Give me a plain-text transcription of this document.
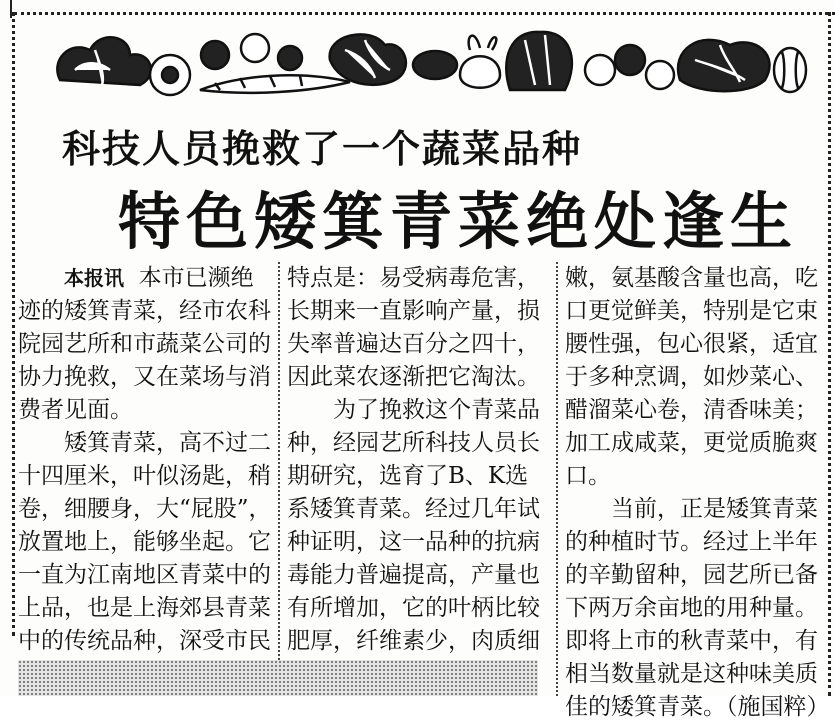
科技人员挽救了一个蔬菜品种
特色矮箕青菜绝处逢生

本报讯 本市已濒绝迹的矮箕青菜，经市农科院园艺所和市蔬菜公司的协力挽救，又在菜场与消费者见面。

矮箕青菜，高不过二十四厘米，叶似汤匙，稍卷，细腰身，大“屁股”，放置地上，能够坐起。它一直为江南地区青菜中的上品，也是上海郊县青菜中的传统品种，深受市民

特点是：易受病毒危害，长期来一直影响产量，损失率普遍达百分之四十，因此菜农逐渐把它淘汰。

为了挽救这个青菜品种，经园艺所科技人员长期研究，选育了B、K选系矮箕青菜。经过几年试种证明，这一品种的抗病毒能力普遍提高，产量也有所增加，它的叶柄比较肥厚，纤维素少，肉质细

嫩，氨基酸含量也高，吃口更觉鲜美，特别是它束腰性强，包心很紧，适宜于多种烹调，如炒菜心、醋溜菜心卷，清香味美；加工成咸菜，更觉质脆爽口。

当前，正是矮箕青菜的种植时节。经过上半年的辛勤留种，园艺所已备下两万余亩地的用种量。即将上市的秋青菜中，有相当数量就是这种味美质佳的矮箕青菜。（施国粹）
